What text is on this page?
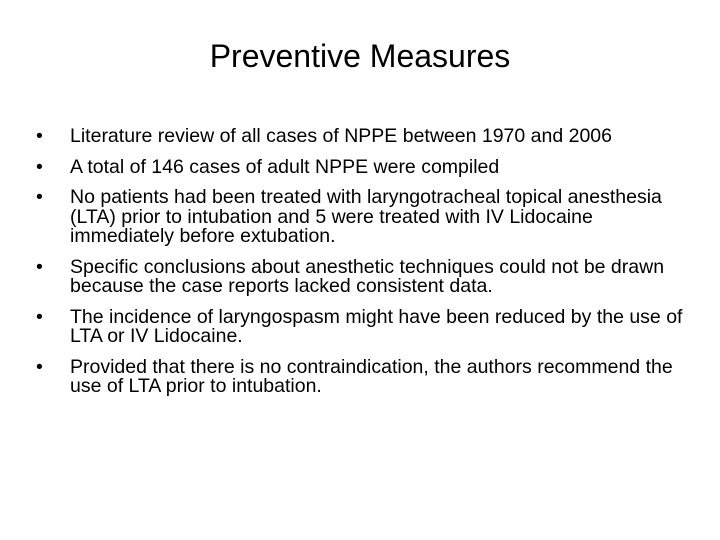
Preventive Measures
•	Literature review of all cases of NPPE between 1970 and 2006
•	A total of 146 cases of adult NPPE were compiled
•	No patients had been treated with laryngotracheal topical anesthesia (LTA) prior to intubation and 5 were treated with IV Lidocaine immediately before extubation.
•	Specific conclusions about anesthetic techniques could not be drawn because the case reports lacked consistent data.
•	The incidence of laryngospasm might have been reduced by the use of LTA or IV Lidocaine.
•	Provided that there is no contraindication, the authors recommend the use of LTA prior to intubation.
